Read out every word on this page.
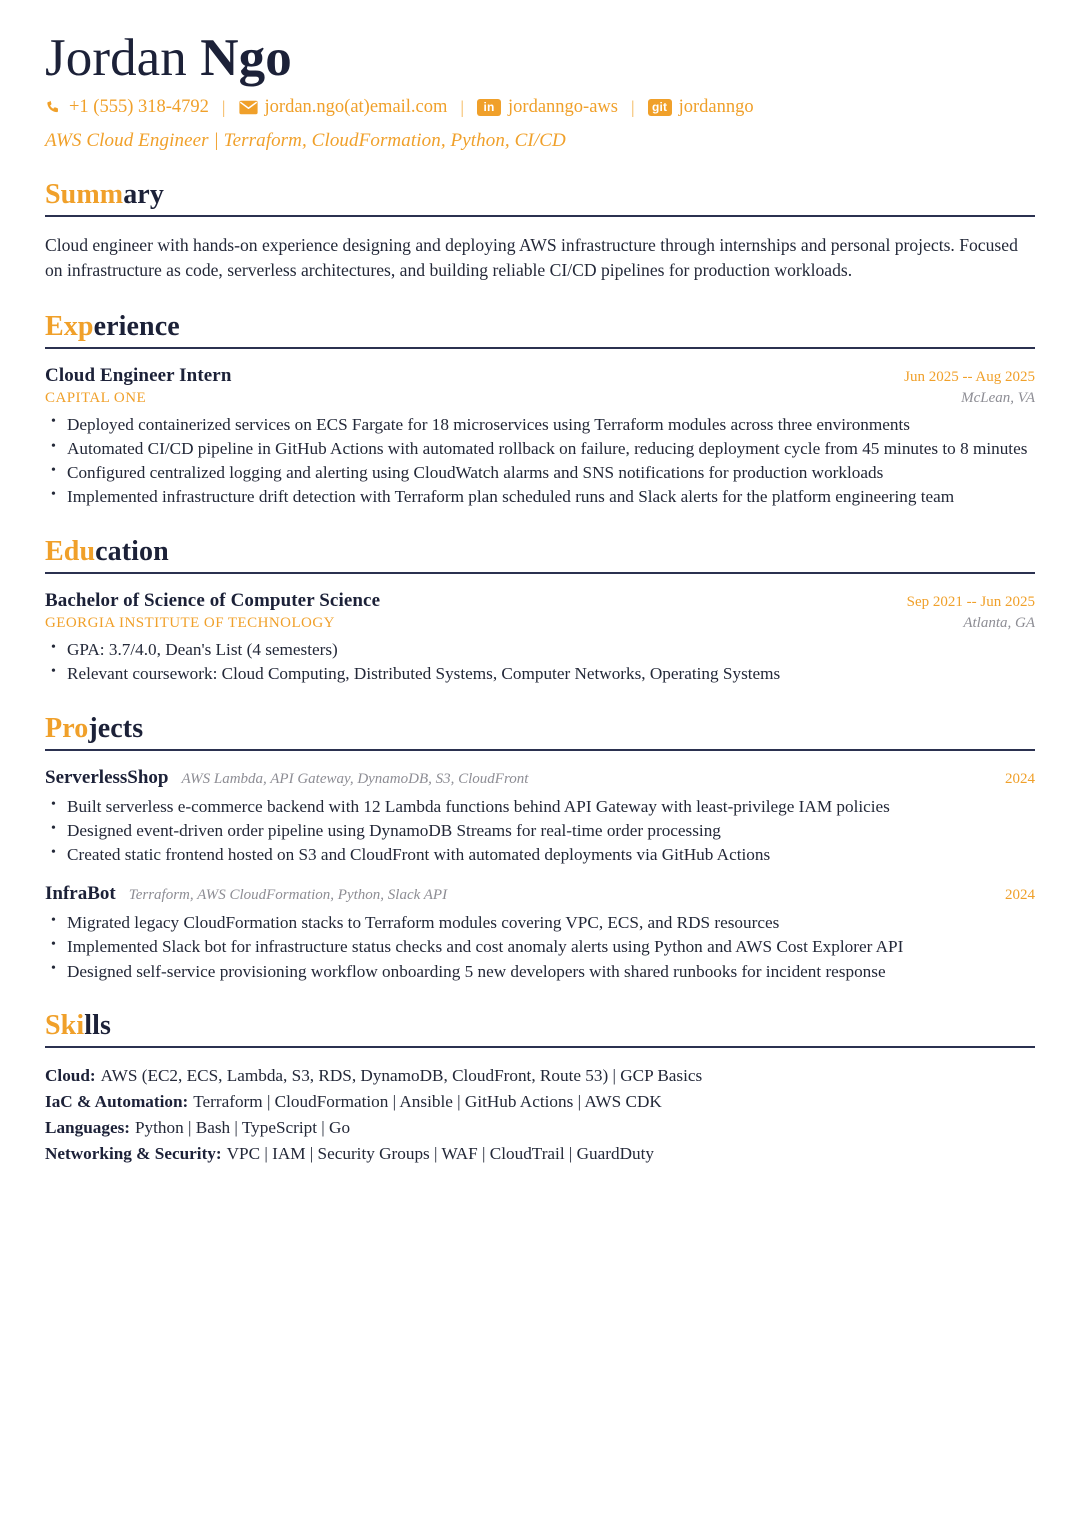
Jordan Ngo
+1 (555) 318-4792 |	jordan.ngo(at)email.com |	in jordanngo-aws |	git jordanngo
AWS Cloud Engineer | Terraform, CloudFormation, Python, CI/CD
Summary

Cloud engineer with hands-on experience designing and deploying AWS infrastructure through internships and personal projects. Focused on infrastructure as code, serverless architectures, and building reliable CI/CD pipelines for production workloads.

Experience
Cloud Engineer Intern	Jun 2025 -- Aug 2025
CAPITAL ONE	McLean, VA
• Deployed containerized services on ECS Fargate for 18 microservices using Terraform modules across three environments
• Automated CI/CD pipeline in GitHub Actions with automated rollback on failure, reducing deployment cycle from 45 minutes to 8 minutes
• Configured centralized logging and alerting using CloudWatch alarms and SNS notifications for production workloads
• Implemented infrastructure drift detection with Terraform plan scheduled runs and Slack alerts for the platform engineering team
Education
Bachelor of Science of Computer Science	Sep 2021 -- Jun 2025
GEORGIA INSTITUTE OF TECHNOLOGY	Atlanta, GA
• GPA: 3.7/4.0, Dean's List (4 semesters)
• Relevant coursework: Cloud Computing, Distributed Systems, Computer Networks, Operating Systems
Projects
ServerlessShop AWS Lambda, API Gateway, DynamoDB, S3, CloudFront	2024
• Built serverless e-commerce backend with 12 Lambda functions behind API Gateway with least-privilege IAM policies
• Designed event-driven order pipeline using DynamoDB Streams for real-time order processing
• Created static frontend hosted on S3 and CloudFront with automated deployments via GitHub Actions
InfraBot Terraform, AWS CloudFormation, Python, Slack API	2024
• Migrated legacy CloudFormation stacks to Terraform modules covering VPC, ECS, and RDS resources
• Implemented Slack bot for infrastructure status checks and cost anomaly alerts using Python and AWS Cost Explorer API
• Designed self-service provisioning workflow onboarding 5 new developers with shared runbooks for incident response
Skills
Cloud: AWS (EC2, ECS, Lambda, S3, RDS, DynamoDB, CloudFront, Route 53) | GCP Basics
IaC & Automation: Terraform | CloudFormation | Ansible | GitHub Actions | AWS CDK
Languages: Python | Bash | TypeScript | Go
Networking & Security: VPC | IAM | Security Groups | WAF | CloudTrail | GuardDuty
